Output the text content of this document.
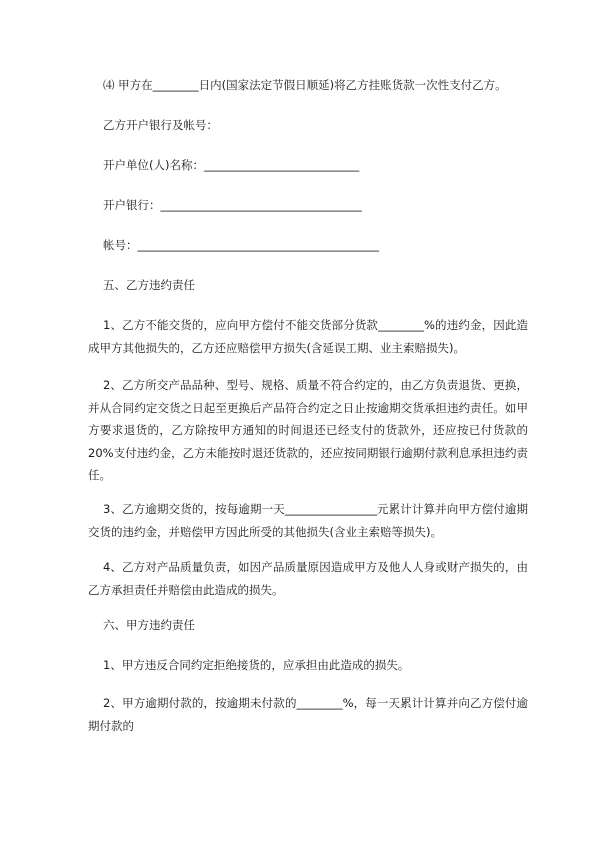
⑷ 甲方在________日内(国家法定节假日顺延)将乙方挂账货款一次性支付乙方。
乙方开户银行及帐号：
开户单位(人)名称：___________________________
开户银行：___________________________________
帐号：__________________________________________
五、乙方违约责任
1、乙方不能交货的，应向甲方偿付不能交货部分货款________%的违约金，因此造成甲方其他损失的，乙方还应赔偿甲方损失(含延误工期、业主索赔损失)。
2、乙方所交产品品种、型号、规格、质量不符合约定的，由乙方负责退货、更换，并从合同约定交货之日起至更换后产品符合约定之日止按逾期交货承担违约责任。如甲方要求退货的，乙方除按甲方通知的时间退还已经支付的货款外，还应按已付货款的 20%支付违约金，乙方未能按时退还货款的，还应按同期银行逾期付款利息承担违约责任。
3、乙方逾期交货的，按每逾期一天________________元累计计算并向甲方偿付逾期交货的违约金，并赔偿甲方因此所受的其他损失(含业主索赔等损失)。
4、乙方对产品质量负责，如因产品质量原因造成甲方及他人人身或财产损失的，由乙方承担责任并赔偿由此造成的损失。
六、甲方违约责任
1、甲方违反合同约定拒绝接货的，应承担由此造成的损失。
2、甲方逾期付款的，按逾期未付款的________%，每一天累计计算并向乙方偿付逾期付款的
